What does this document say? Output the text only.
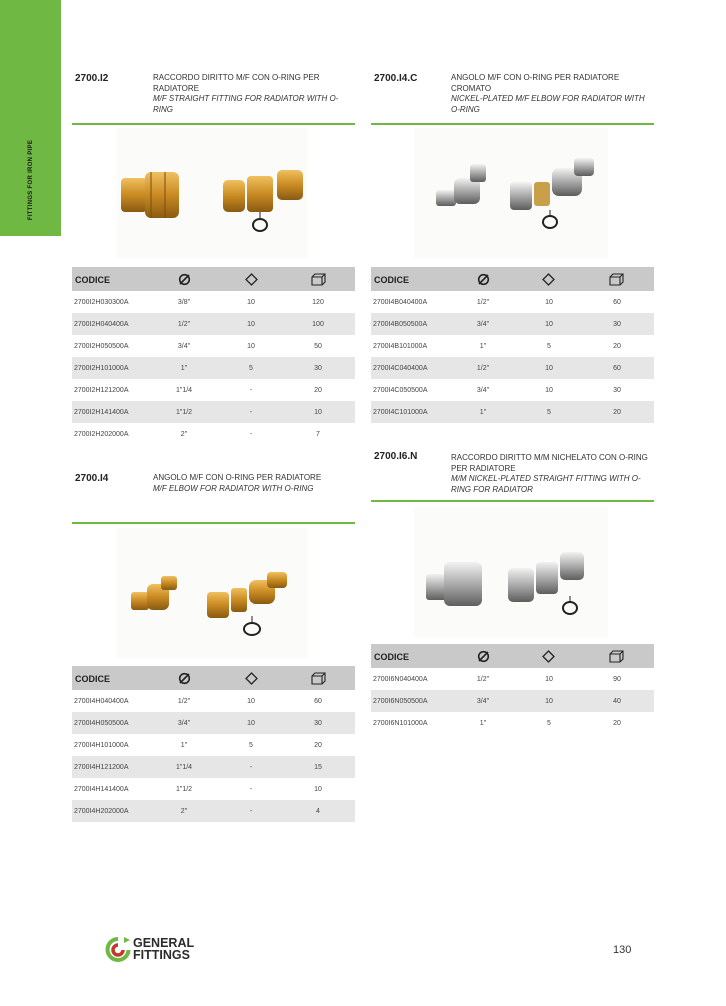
FITTINGS FOR IRON PIPE
2700.I2	RACCORDO DIRITTO M/F CON O-RING PER RADIATORE
M/F STRAIGHT FITTING FOR RADIATOR WITH O-RING
CODICE
2700I2H030300A	3/8"	10	120
2700I2H040400A	1/2"	10	100
2700I2H050500A	3/4"	10	50
2700I2H101000A	1"	5	30
2700I2H121200A	1"1/4	-	20
2700I2H141400A	1"1/2	-	10
2700I2H202000A	2"	-	7
2700.I4.C	ANGOLO M/F CON O-RING PER RADIATORE CROMATO
NICKEL-PLATED M/F ELBOW FOR RADIATOR WITH O-RING
CODICE
2700I4B040400A	1/2"	10	60
2700I4B050500A	3/4"	10	30
2700I4B101000A	1"	5	20
2700I4C040400A	1/2"	10	60
2700I4C050500A	3/4"	10	30
2700I4C101000A	1"	5	20
2700.I4	ANGOLO M/F CON O-RING PER RADIATORE
M/F ELBOW FOR RADIATOR WITH O-RING
CODICE
2700I4H040400A	1/2"	10	60
2700I4H050500A	3/4"	10	30
2700I4H101000A	1"	5	20
2700I4H121200A	1"1/4	-	15
2700I4H141400A	1"1/2	-	10
2700I4H202000A	2"	-	4
2700.I6.N	RACCORDO DIRITTO M/M NICHELATO CON O-RING PER RADIATORE
M/M NICKEL-PLATED STRAIGHT FITTING WITH O-RING FOR RADIATOR
CODICE
2700I6N040400A	1/2"	10	90
2700I6N050500A	3/4"	10	40
2700I6N101000A	1"	5	20
GENERAL
FITTINGS	130
